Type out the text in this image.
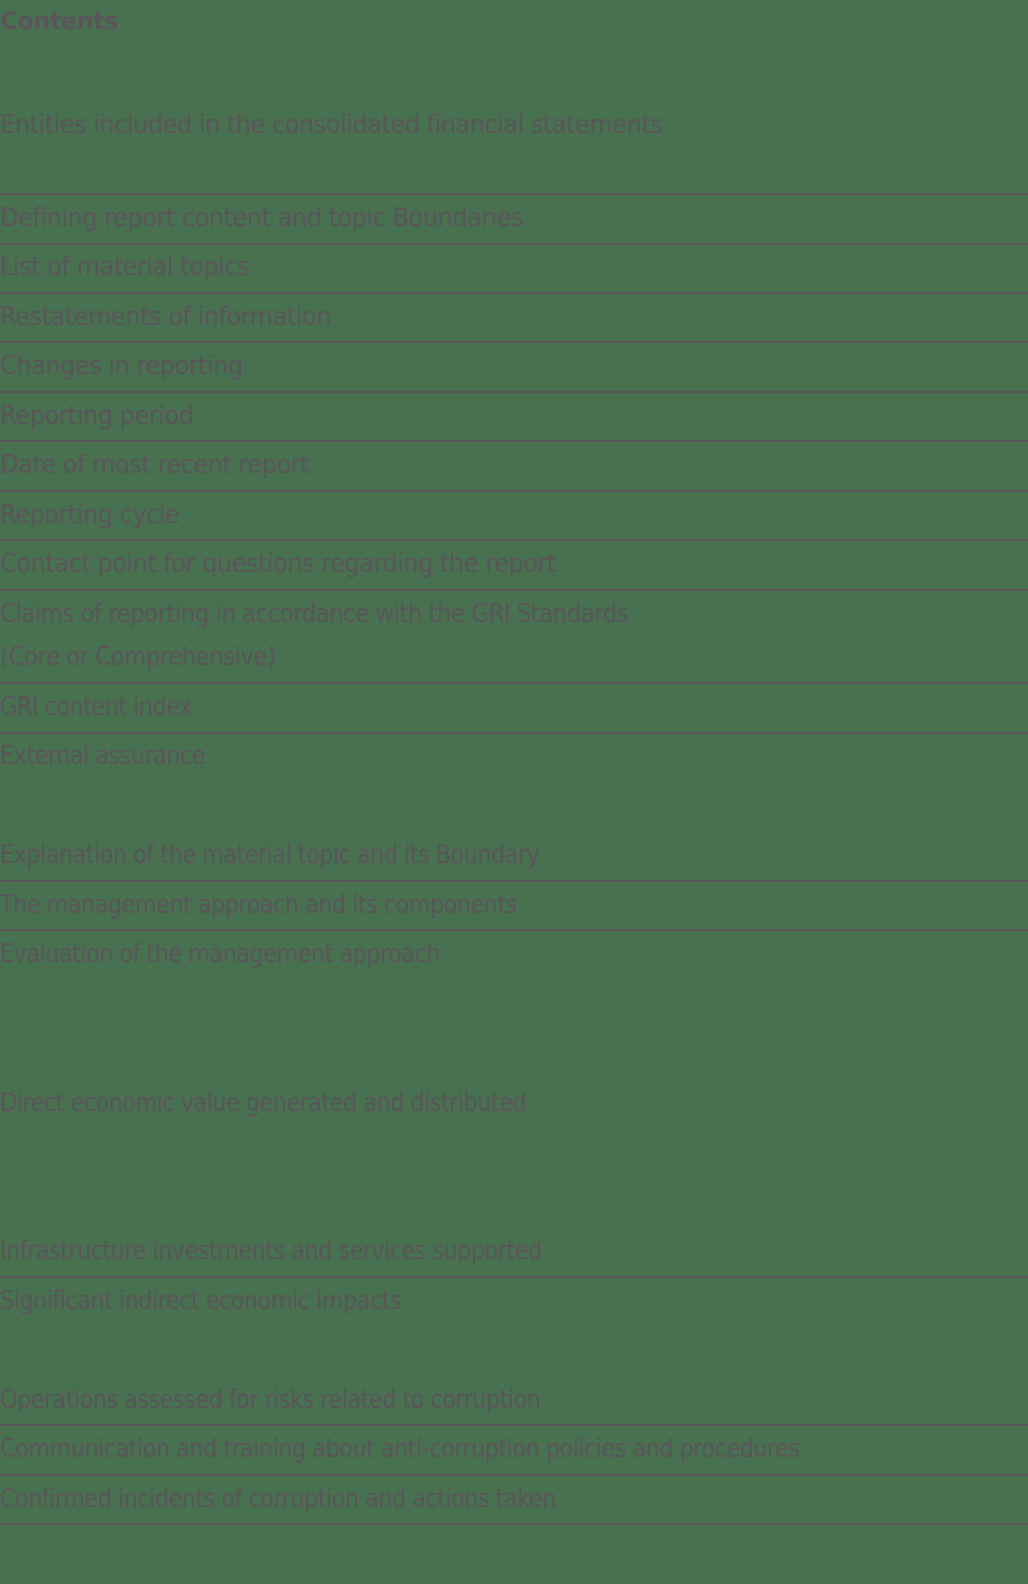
Contents
Entities included in the consolidated financial statements
Defining report content and topic Boundaries
List of material topics
Restatements of information
Changes in reporting
Reporting period
Date of most recent report
Reporting cycle
Contact point for questions regarding the report
Claims of reporting in accordance with the GRI Standards
(Core or Comprehensive)
GRI content index
External assurance
Explanation of the material topic and its Boundary
The management approach and its components
Evaluation of the management approach
Direct economic value generated and distributed
Infrastructure investments and services supported
Significant indirect economic impacts
Operations assessed for risks related to corruption
Communication and training about anti-corruption policies and procedures
Confirmed incidents of corruption and actions taken
